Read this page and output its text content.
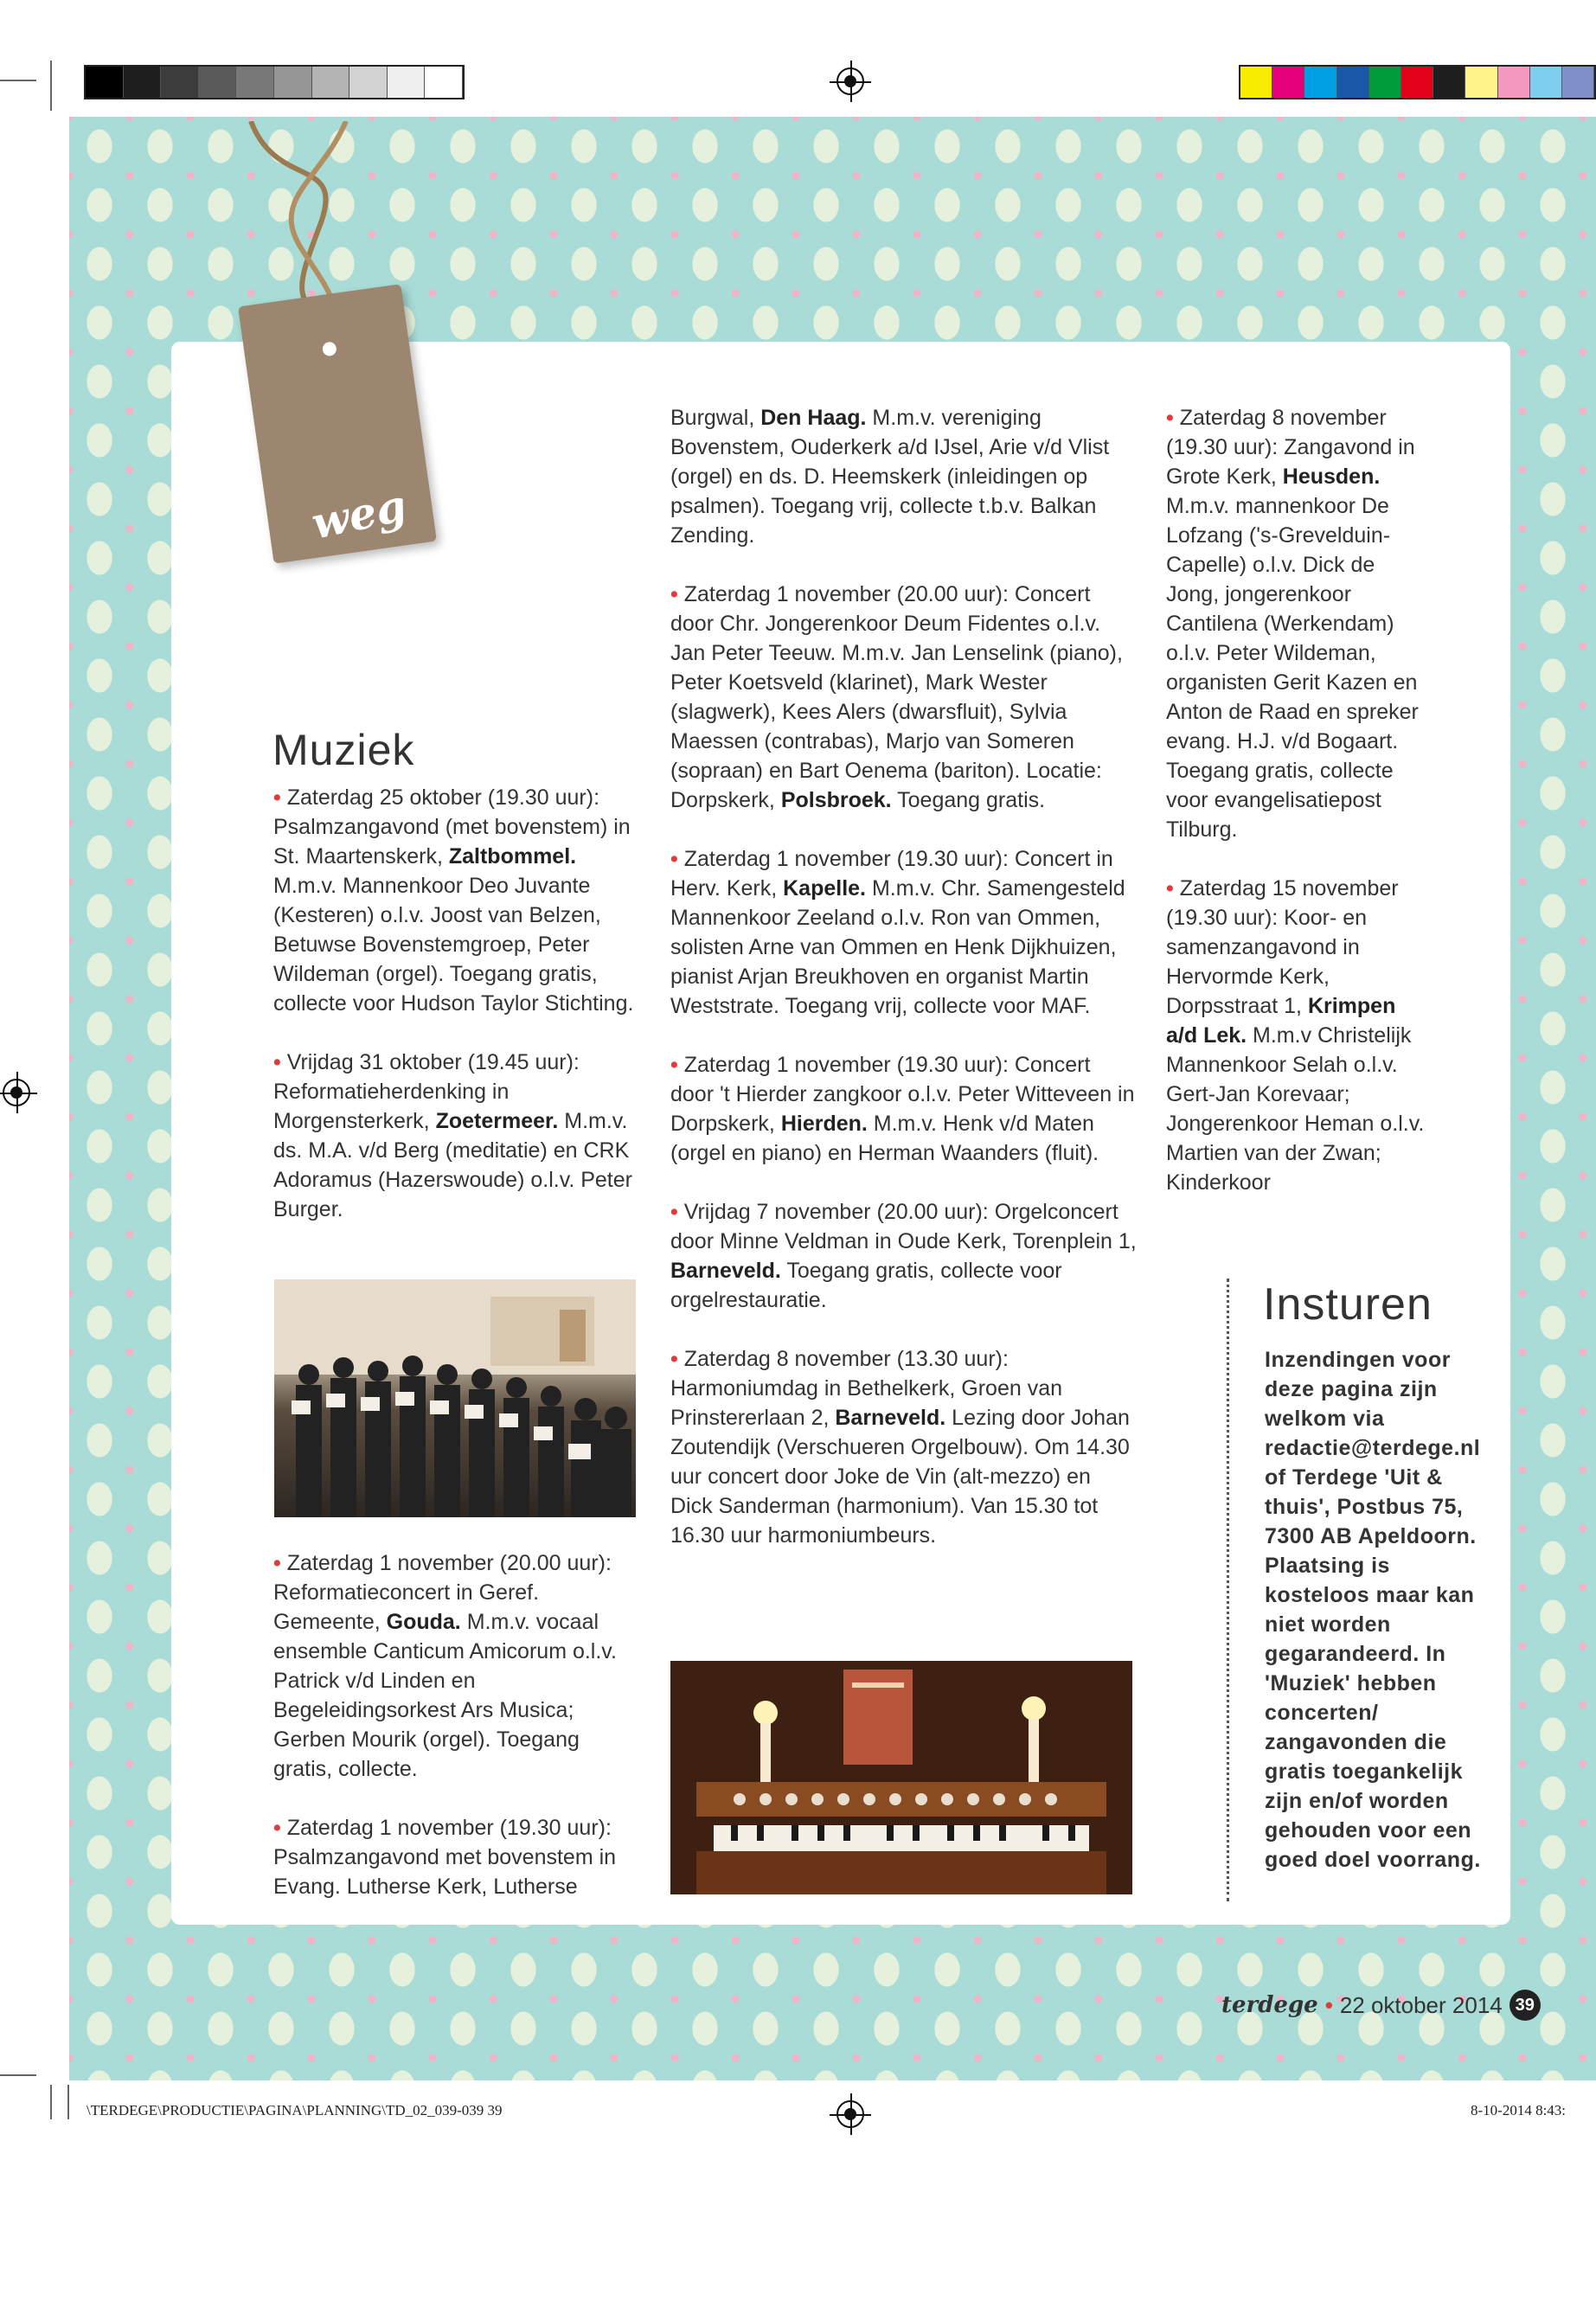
weg
Muziek

• Zaterdag 25 oktober (19.30 uur): Psalmzangavond (met bovenstem) in St. Maartenskerk, Zaltbommel. M.m.v. Mannenkoor Deo Juvante (Kesteren) o.l.v. Joost van Belzen, Betuwse Bovenstemgroep, Peter Wildeman (orgel). Toegang gratis, collecte voor Hudson Taylor Stichting.

• Vrijdag 31 oktober (19.45 uur): Reformatieherdenking in Morgensterkerk, Zoetermeer. M.m.v. ds. M.A. v/d Berg (meditatie) en CRK Adoramus (Hazerswoude) o.l.v. Peter Burger.

• Zaterdag 1 november (20.00 uur): Reformatieconcert in Geref. Gemeente, Gouda. M.m.v. vocaal ensemble Canticum Amicorum o.l.v. Patrick v/d Linden en Begeleidingsorkest Ars Musica; Gerben Mourik (orgel). Toegang gratis, collecte.

• Zaterdag 1 november (19.30 uur): Psalmzangavond met bovenstem in Evang. Lutherse Kerk, Lutherse

Burgwal, Den Haag. M.m.v. vereniging Bovenstem, Ouderkerk a/d IJsel, Arie v/d Vlist (orgel) en ds. D. Heemskerk (inleidingen op psalmen). Toegang vrij, collecte t.b.v. Balkan Zending.

• Zaterdag 1 november (20.00 uur): Concert door Chr. Jongerenkoor Deum Fidentes o.l.v. Jan Peter Teeuw. M.m.v. Jan Lenselink (piano), Peter Koetsveld (klarinet), Mark Wester (slagwerk), Kees Alers (dwarsfluit), Sylvia Maessen (contrabas), Marjo van Someren (sopraan) en Bart Oenema (bariton). Locatie: Dorpskerk, Polsbroek. Toegang gratis.

• Zaterdag 1 november (19.30 uur): Concert in Herv. Kerk, Kapelle. M.m.v. Chr. Samengesteld Mannenkoor Zeeland o.l.v. Ron van Ommen, solisten Arne van Ommen en Henk Dijkhuizen, pianist Arjan Breukhoven en organist Martin Weststrate. Toegang vrij, collecte voor MAF.

• Zaterdag 1 november (19.30 uur): Concert door 't Hierder zangkoor o.l.v. Peter Witteveen in Dorpskerk, Hierden. M.m.v. Henk v/d Maten (orgel en piano) en Herman Waanders (fluit).

• Vrijdag 7 november (20.00 uur): Orgelconcert door Minne Veldman in Oude Kerk, Torenplein 1, Barneveld. Toegang gratis, collecte voor orgelrestauratie.

• Zaterdag 8 november (13.30 uur): Harmoniumdag in Bethelkerk, Groen van Prinstererlaan 2, Barneveld. Lezing door Johan Zoutendijk (Verschueren Orgelbouw). Om 14.30 uur concert door Joke de Vin (alt-mezzo) en Dick Sanderman (harmonium). Van 15.30 tot 16.30 uur harmoniumbeurs.

• Zaterdag 8 november (19.30 uur): Zangavond in Grote Kerk, Heusden. M.m.v. mannenkoor De Lofzang ('s-Grevelduin-Capelle) o.l.v. Dick de Jong, jongerenkoor Cantilena (Werkendam) o.l.v. Peter Wildeman, organisten Gerit Kazen en Anton de Raad en spreker evang. H.J. v/d Bogaart. Toegang gratis, collecte voor evangelisatiepost Tilburg.

• Zaterdag 15 november (19.30 uur): Koor- en samenzangavond in Hervormde Kerk, Dorpsstraat 1, Krimpen a/d Lek. M.m.v Christelijk Mannenkoor Selah o.l.v. Gert-Jan Korevaar; Jongerenkoor Heman o.l.v. Martien van der Zwan; Kinderkoor

Insturen
Inzendingen voor deze pagina zijn welkom via redactie@terdege.nl of Terdege 'Uit & thuis', Postbus 75, 7300 AB Apeldoorn. Plaatsing is kosteloos maar kan niet worden gegarandeerd. In 'Muziek' hebben concerten/ zangavonden die gratis toegankelijk zijn en/of worden gehouden voor een goed doel voorrang.
terdege • 22 oktober 2014 39
\TERDEGE\PRODUCTIE\PAGINA\PLANNING\TD_02_039-039 39	8-10-2014 8:43:
